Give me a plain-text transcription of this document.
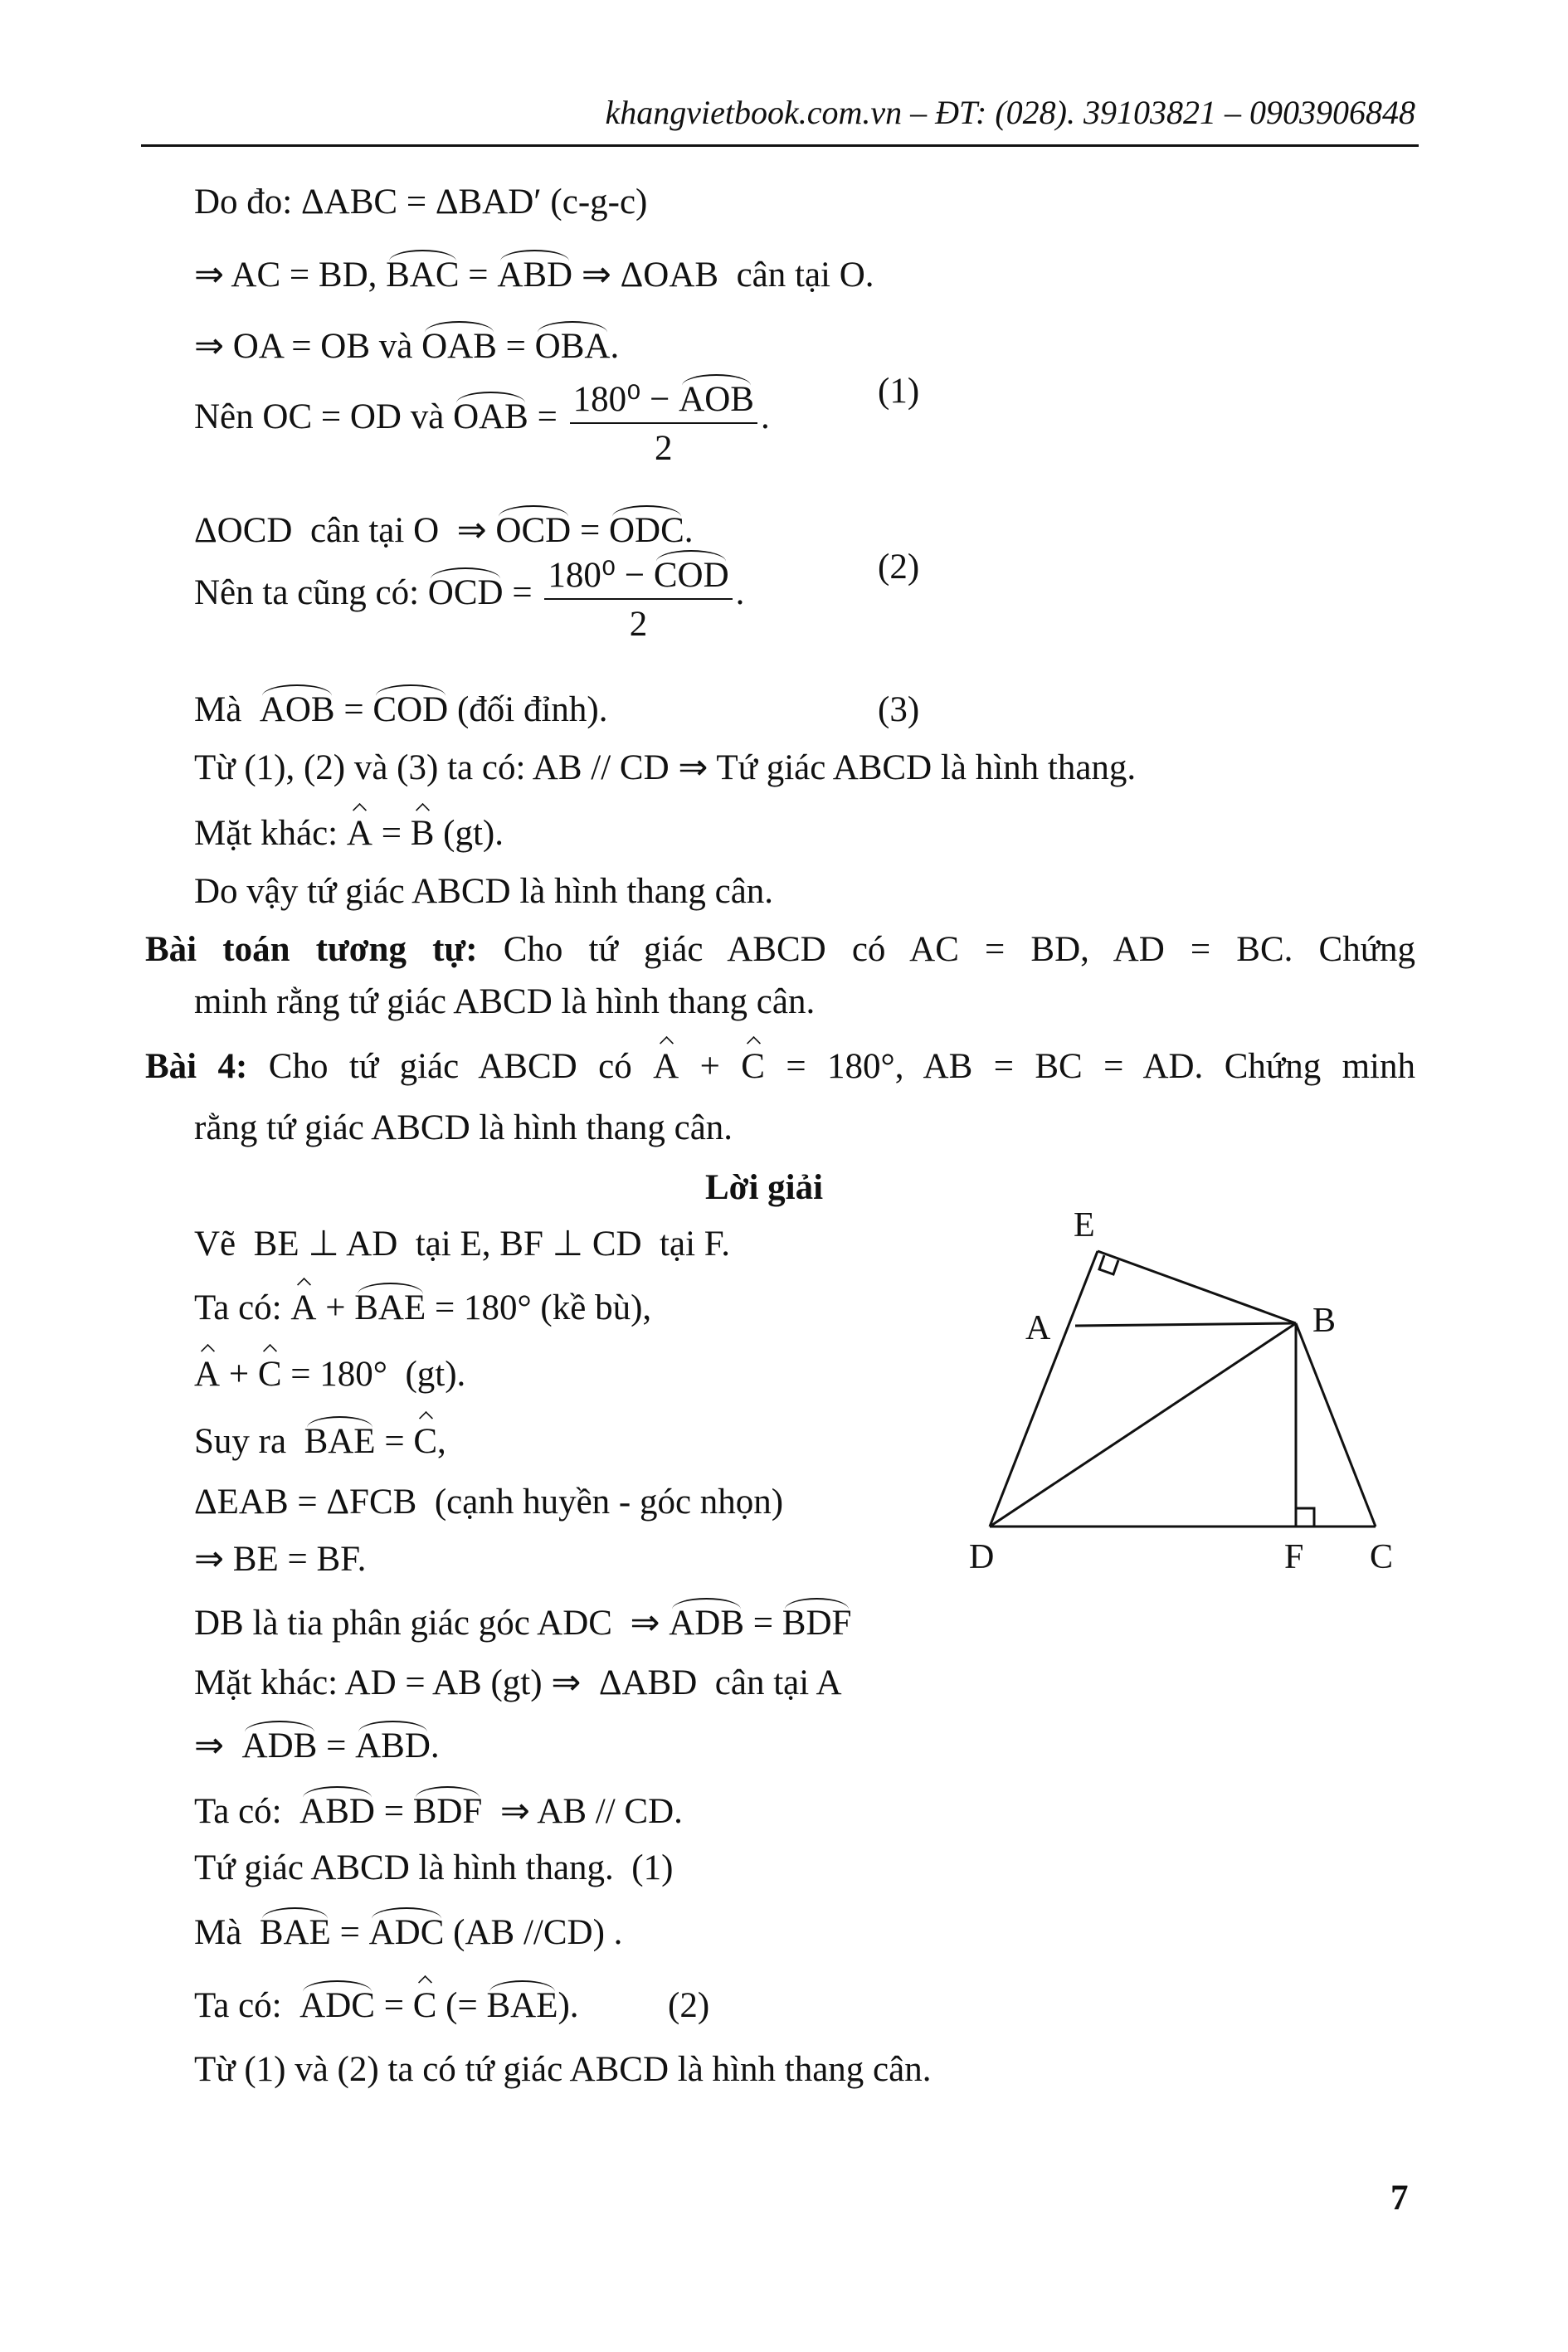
khangvietbook.com.vn – ĐT: (028). 39103821 – 0903906848
Do đo: ΔABC = ΔBAD′ (c-g-c)
⇒ AC = BD, BAC = ABD ⇒ ΔOAB  cân tại O.
⇒ OA = OB và OAB = OBA.
Nên OC = OD và OAB = $\frac{\text{180⁰ − AOB}}{2}$ .
(1)
ΔOCD  cân tại O  ⇒ OCD = ODC.
Nên ta cũng có: OCD = $\frac{\text{180⁰ − COD}}{2}$ .
(2)
Mà  AOB = COD (đối đỉnh).	(3)
Từ (1), (2) và (3) ta có: AB // CD ⇒ Tứ giác ABCD là hình thang.
Mặt khác: A = B (gt).
Do vậy tứ giác ABCD là hình thang cân.
Bài toán tương tự: Cho tứ giác ABCD có AC = BD, AD = BC. Chứng
minh rằng tứ giác ABCD là hình thang cân.
Bài 4: Cho tứ giác ABCD có A + C = 180°, AB = BC = AD. Chứng minh
rằng tứ giác ABCD là hình thang cân.
Lời giải
Vẽ  BE ⊥ AD  tại E, BF ⊥ CD  tại F.
Ta có: A + BAE = 180° (kề bù),
A + C = 180°  (gt).
Suy ra  BAE = C,
ΔEAB = ΔFCB  (cạnh huyền - góc nhọn)
⇒ BE = BF.
DB là tia phân giác góc ADC  ⇒ ADB = BDF
Mặt khác: AD = AB (gt) ⇒  ΔABD  cân tại A
⇒  ADB = ABD.
Ta có:  ABD = BDF  ⇒ AB // CD.
Tứ giác ABCD là hình thang.  (1)
Mà  BAE = ADC (AB //CD) .
Ta có:  ADC = C (= BAE).          (2)
Từ (1) và (2) ta có tứ giác ABCD là hình thang cân.
E
A	B
D	F C
7
